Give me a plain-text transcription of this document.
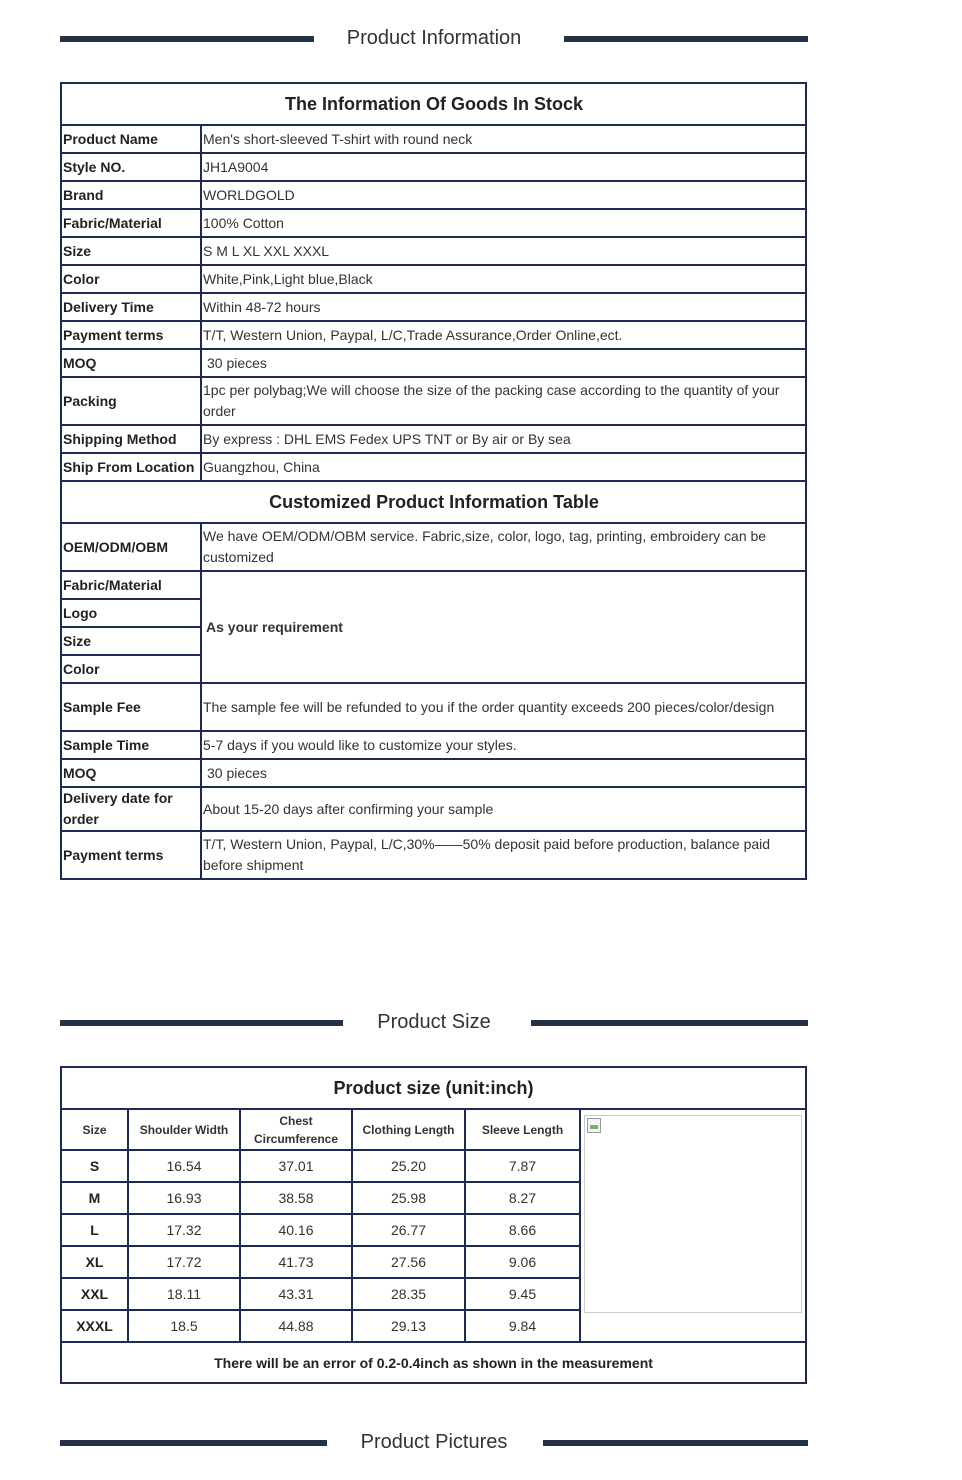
Product Information
The Information Of Goods In Stock	
Product Name	Men's short-sleeved T-shirt with round neck
Style NO.	JH1A9004
Brand	WORLDGOLD
Fabric/Material	100% Cotton
Size	S M L XL XXL XXXL
Color	White,Pink,Light blue,Black
Delivery Time	Within 48-72 hours
Payment terms	T/T, Western Union, Paypal, L/C,Trade Assurance,Order Online,ect.
MOQ	30 pieces
Packing	1pc per polybag;We will choose the size of the packing case according to the quantity of your order
Shipping Method	By express : DHL EMS Fedex UPS TNT or By air or By sea
Ship From Location	Guangzhou, China
Customized Product Information Table	
OEM/ODM/OBM	We have OEM/ODM/OBM service. Fabric,size, color, logo, tag, printing, embroidery can be customized
Fabric/Material	As your requirement
Logo	
Size	
Color	
Sample Fee	The sample fee will be refunded to you if the order quantity exceeds 200 pieces/color/design
Sample Time	5-7 days if you would like to customize your styles.
MOQ	30 pieces
Delivery date for order	About 15-20 days after confirming your sample
Payment terms	T/T, Western Union, Paypal, L/C,30%——50% deposit paid before production, balance paid before shipment
Product Size
Product size (unit:inch)					
Size	Shoulder Width	Chest Circumference	Clothing Length	Sleeve Length	

S	16.54	37.01	25.20	7.87	
M	16.93	38.58	25.98	8.27	
L	17.32	40.16	26.77	8.66	
XL	17.72	41.73	27.56	9.06	
XXL	18.11	43.31	28.35	9.45	
XXXL	18.5	44.88	29.13	9.84	
There will be an error of 0.2-0.4inch as shown in the measurement					
Product Pictures
